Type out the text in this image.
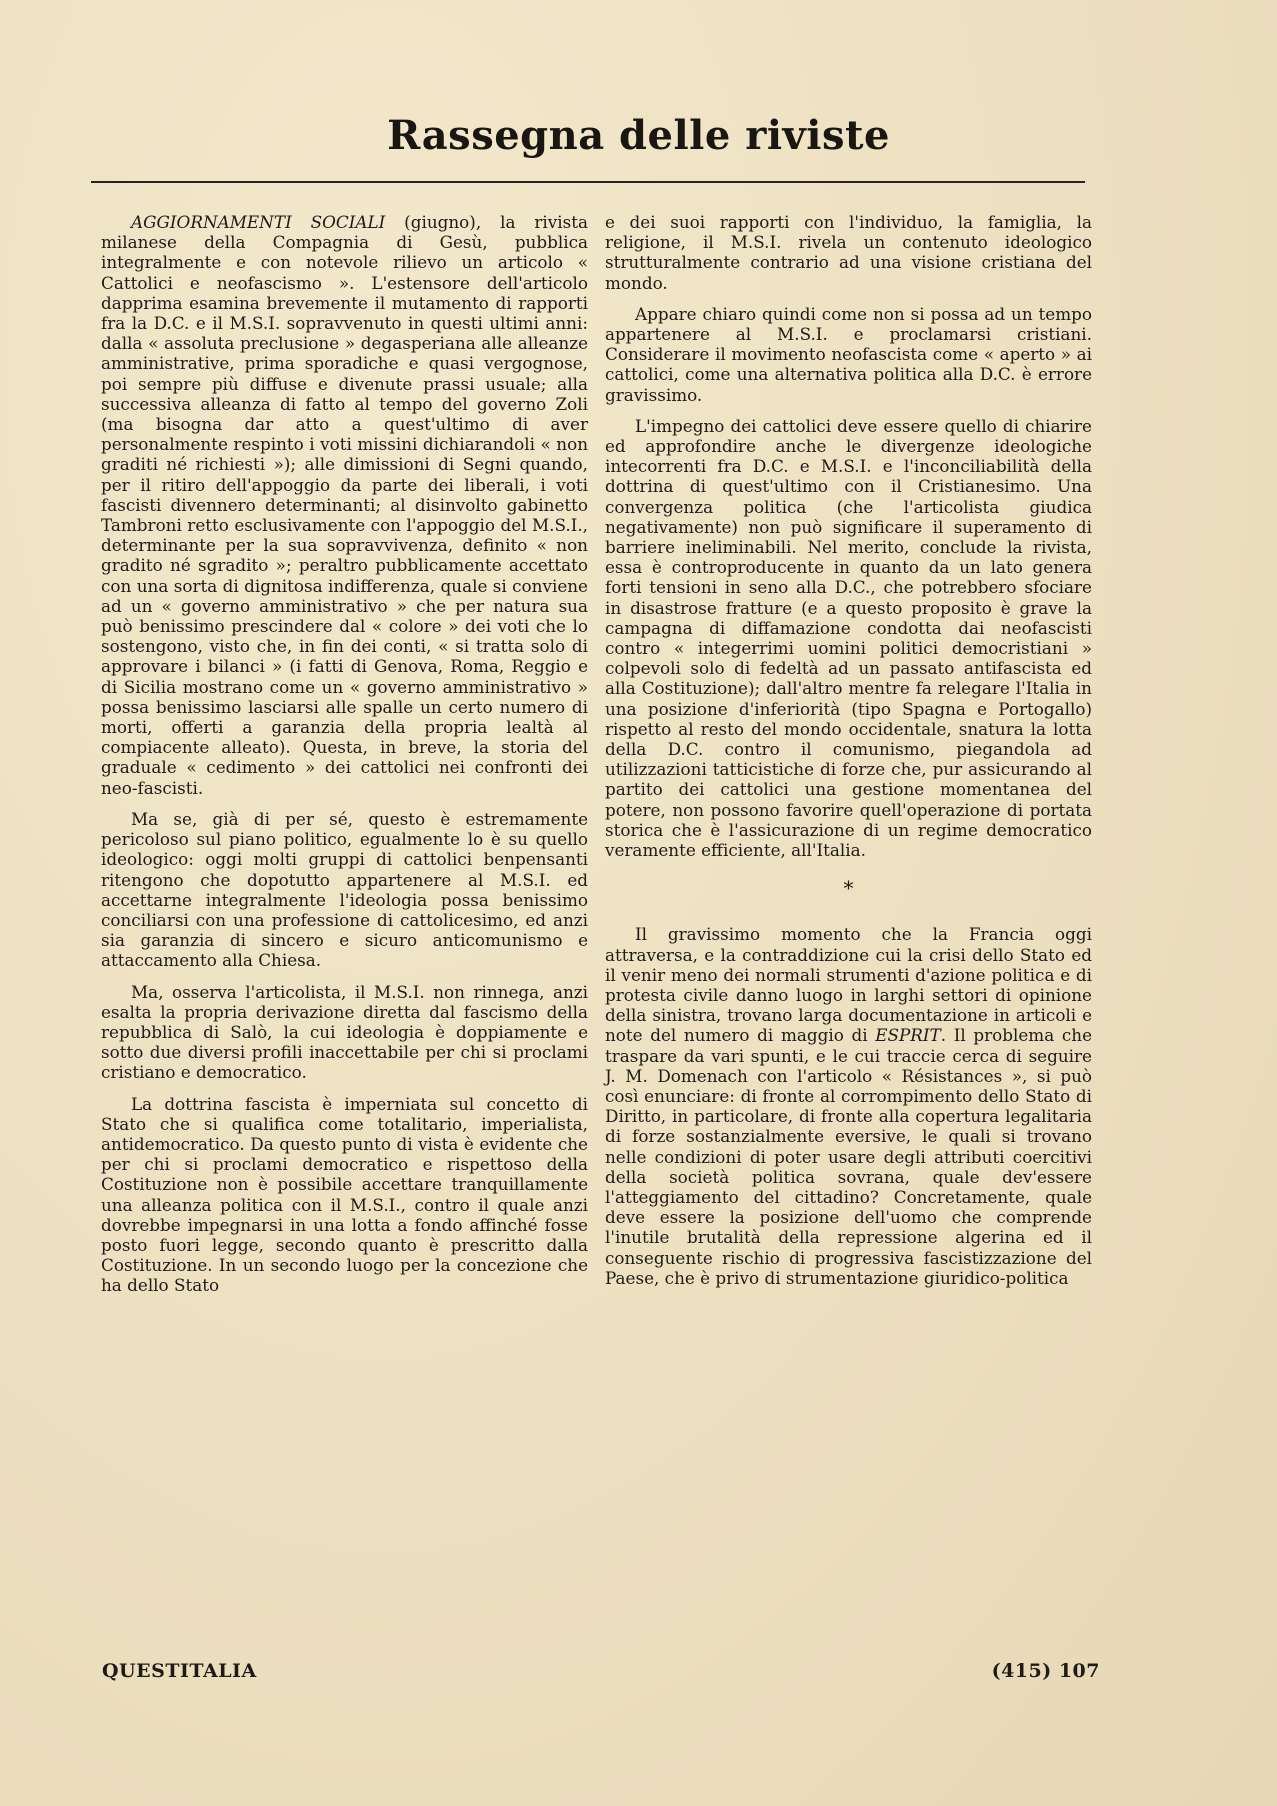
Rassegna delle riviste

AGGIORNAMENTI SOCIALI (giugno), la rivista milanese della Compagnia di Gesù, pubblica integralmente e con notevole rilievo un articolo « Cattolici e neofascismo ». L'estensore dell'articolo dapprima esamina brevemente il mutamento di rapporti fra la D.C. e il M.S.I. sopravvenuto in questi ultimi anni: dalla « assoluta preclusione » degasperiana alle alleanze amministrative, prima sporadiche e quasi vergognose, poi sempre più diffuse e divenute prassi usuale; alla successiva alleanza di fatto al tempo del governo Zoli (ma bisogna dar atto a quest'ultimo di aver personalmente respinto i voti missini dichiarandoli « non graditi né richiesti »); alle dimissioni di Segni quando, per il ritiro dell'appoggio da parte dei liberali, i voti fascisti divennero determinanti; al disinvolto gabinetto Tambroni retto esclusivamente con l'appoggio del M.S.I., determinante per la sua sopravvivenza, definito « non gradito né sgradito »; peraltro pubblicamente accettato con una sorta di dignitosa indifferenza, quale si conviene ad un « governo amministrativo » che per natura sua può benissimo prescindere dal « colore » dei voti che lo sostengono, visto che, in fin dei conti, « si tratta solo di approvare i bilanci » (i fatti di Genova, Roma, Reggio e di Sicilia mostrano come un « governo amministrativo » possa benissimo lasciarsi alle spalle un certo numero di morti, offerti a garanzia della propria lealtà al compiacente alleato). Questa, in breve, la storia del graduale « cedimento » dei cattolici nei confronti dei neo-fascisti.

Ma se, già di per sé, questo è estremamente pericoloso sul piano politico, egualmente lo è su quello ideologico: oggi molti gruppi di cattolici benpensanti ritengono che dopotutto appartenere al M.S.I. ed accettarne integralmente l'ideologia possa benissimo conciliarsi con una professione di cattolicesimo, ed anzi sia garanzia di sincero e sicuro anticomunismo e attaccamento alla Chiesa.

Ma, osserva l'articolista, il M.S.I. non rinnega, anzi esalta la propria derivazione diretta dal fascismo della repubblica di Salò, la cui ideologia è doppiamente e sotto due diversi profili inaccettabile per chi si proclami cristiano e democratico.

La dottrina fascista è imperniata sul concetto di Stato che si qualifica come totalitario, imperialista, antidemocratico. Da questo punto di vista è evidente che per chi si proclami democratico e rispettoso della Costituzione non è possibile accettare tranquillamente una alleanza politica con il M.S.I., contro il quale anzi dovrebbe impegnarsi in una lotta a fondo affinché fosse posto fuori legge, secondo quanto è prescritto dalla Costituzione. In un secondo luogo per la concezione che ha dello Stato

e dei suoi rapporti con l'individuo, la famiglia, la religione, il M.S.I. rivela un contenuto ideologico strutturalmente contrario ad una visione cristiana del mondo.

Appare chiaro quindi come non si possa ad un tempo appartenere al M.S.I. e proclamarsi cristiani. Considerare il movimento neofascista come « aperto » ai cattolici, come una alternativa politica alla D.C. è errore gravissimo.

L'impegno dei cattolici deve essere quello di chiarire ed approfondire anche le divergenze ideologiche intecorrenti fra D.C. e M.S.I. e l'inconciliabilità della dottrina di quest'ultimo con il Cristianesimo. Una convergenza politica (che l'articolista giudica negativamente) non può significare il superamento di barriere ineliminabili. Nel merito, conclude la rivista, essa è controproducente in quanto da un lato genera forti tensioni in seno alla D.C., che potrebbero sfociare in disastrose fratture (e a questo proposito è grave la campagna di diffamazione condotta dai neofascisti contro « integerrimi uomini politici democristiani » colpevoli solo di fedeltà ad un passato antifascista ed alla Costituzione); dall'altro mentre fa relegare l'Italia in una posizione d'inferiorità (tipo Spagna e Portogallo) rispetto al resto del mondo occidentale, snatura la lotta della D.C. contro il comunismo, piegandola ad utilizzazioni tatticistiche di forze che, pur assicurando al partito dei cattolici una gestione momentanea del potere, non possono favorire quell'operazione di portata storica che è l'assicurazione di un regime democratico veramente efficiente, all'Italia.

*

Il gravissimo momento che la Francia oggi attraversa, e la contraddizione cui la crisi dello Stato ed il venir meno dei normali strumenti d'azione politica e di protesta civile danno luogo in larghi settori di opinione della sinistra, trovano larga documentazione in articoli e note del numero di maggio di ESPRIT. Il problema che traspare da vari spunti, e le cui traccie cerca di seguire J. M. Domenach con l'articolo « Résistances », si può così enunciare: di fronte al corrompimento dello Stato di Diritto, in particolare, di fronte alla copertura legalitaria di forze sostanzialmente eversive, le quali si trovano nelle condizioni di poter usare degli attributi coercitivi della società politica sovrana, quale dev'essere l'atteggiamento del cittadino? Concretamente, quale deve essere la posizione dell'uomo che comprende l'inutile brutalità della repressione algerina ed il conseguente rischio di progressiva fascistizzazione del Paese, che è privo di strumentazione giuridico-politica

QUESTITALIA	(415) 107
